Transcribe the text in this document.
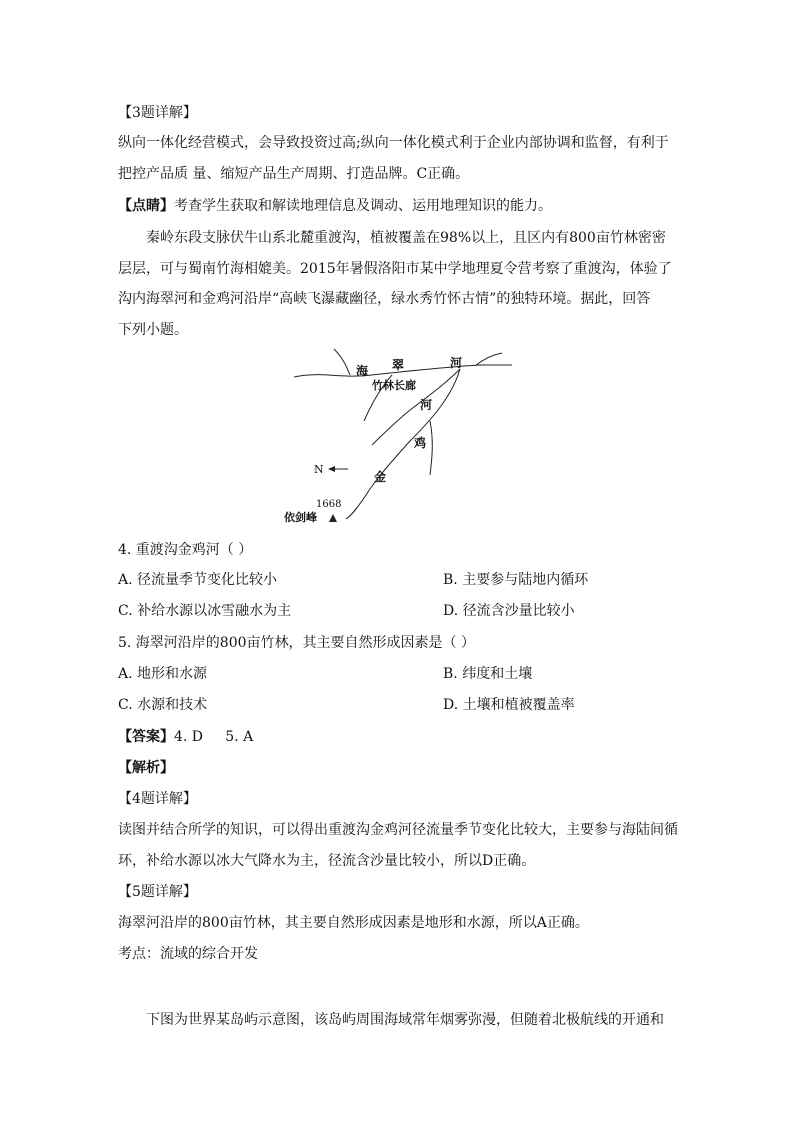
【3题详解】
纵向一体化经营模式，会导致投资过高;纵向一体化模式利于企业内部协调和监督，有利于
把控产品质 量、缩短产品生产周期、打造品牌。C正确。
【点睛】考查学生获取和解读地理信息及调动、运用地理知识的能力。
秦岭东段支脉伏牛山系北麓重渡沟，植被覆盖在98%以上，且区内有800亩竹林密密
层层，可与蜀南竹海相媲美。2015年暑假洛阳市某中学地理夏令营考察了重渡沟，体验了
沟内海翠河和金鸡河沿岸“高峡飞瀑藏幽径，绿水秀竹怀古情”的独特环境。据此，回答
下列小题。
海 翠	河
竹林长廊
河
鸡
金
N
1668
依剑峰
4. 重渡沟金鸡河（ ）
A. 径流量季节变化比较小	B. 主要参与陆地内循环
C. 补给水源以冰雪融水为主	D. 径流含沙量比较小
5. 海翠河沿岸的800亩竹林，其主要自然形成因素是（ ）
A. 地形和水源	B. 纬度和土壤
C. 水源和技术	D. 土壤和植被覆盖率
【答案】4. D     5. A
【解析】
【4题详解】
读图并结合所学的知识，可以得出重渡沟金鸡河径流量季节变化比较大，主要参与海陆间循
环，补给水源以冰大气降水为主，径流含沙量比较小，所以D正确。
【5题详解】
海翠河沿岸的800亩竹林，其主要自然形成因素是地形和水源，所以A正确。
考点：流域的综合开发
下图为世界某岛屿示意图，该岛屿周围海域常年烟雾弥漫，但随着北极航线的开通和
